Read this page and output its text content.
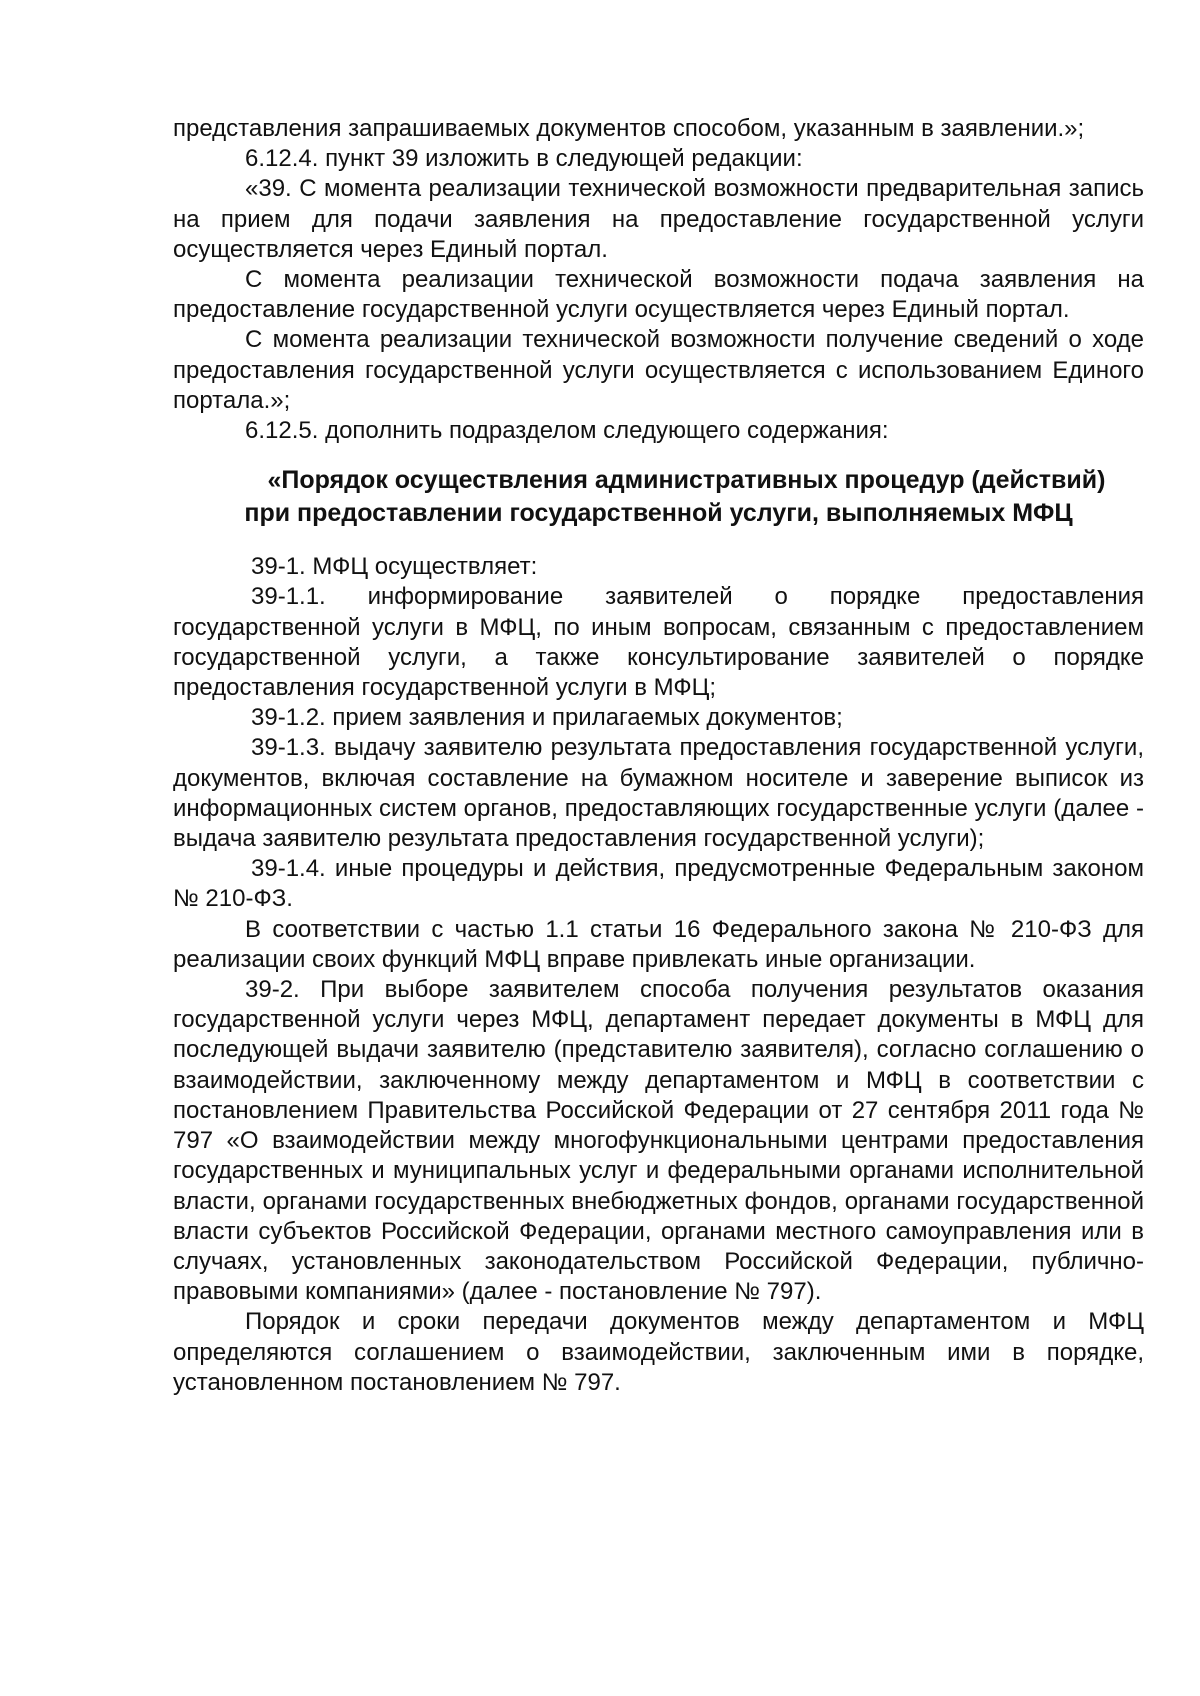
представления запрашиваемых документов способом, указанным в заявлении.»;

6.12.4. пункт 39 изложить в следующей редакции:

«39. С момента реализации технической возможности предварительная запись на прием для подачи заявления на предоставление государственной услуги осуществляется через Единый портал.

С момента реализации технической возможности подача заявления на предоставление государственной услуги осуществляется через Единый портал.

С момента реализации технической возможности получение сведений о ходе предоставления государственной услуги осуществляется с использованием Единого портала.»;

6.12.5. дополнить подразделом следующего содержания:

«Порядок осуществления административных процедур (действий)
при предоставлении государственной услуги, выполняемых МФЦ

39-1. МФЦ осуществляет:

39-1.1. информирование заявителей о порядке предоставления государственной услуги в МФЦ, по иным вопросам, связанным с предоставлением государственной услуги, а также консультирование заявителей о порядке предоставления государственной услуги в МФЦ;

39-1.2. прием заявления и прилагаемых документов;

39-1.3. выдачу заявителю результата предоставления государственной услуги, документов, включая составление на бумажном носителе и заверение выписок из информационных систем органов, предоставляющих государственные услуги (далее - выдача заявителю результата предоставления государственной услуги);

39-1.4. иные процедуры и действия, предусмотренные Федеральным законом № 210-ФЗ.

В соответствии с частью 1.1 статьи 16 Федерального закона № 210-ФЗ для реализации своих функций МФЦ вправе привлекать иные организации.

39-2. При выборе заявителем способа получения результатов оказания государственной услуги через МФЦ, департамент передает документы в МФЦ для последующей выдачи заявителю (представителю заявителя), согласно соглашению о взаимодействии, заключенному между департаментом и МФЦ в соответствии с постановлением Правительства Российской Федерации от 27 сентября 2011 года № 797 «О взаимодействии между многофункциональными центрами предоставления государственных и муниципальных услуг и федеральными органами исполнительной власти, органами государственных внебюджетных фондов, органами государственной власти субъектов Российской Федерации, органами местного самоуправления или в случаях, установленных законодательством Российской Федерации, публично-правовыми компаниями» (далее - постановление № 797).

Порядок и сроки передачи документов между департаментом и МФЦ определяются соглашением о взаимодействии, заключенным ими в порядке, установленном постановлением № 797.
